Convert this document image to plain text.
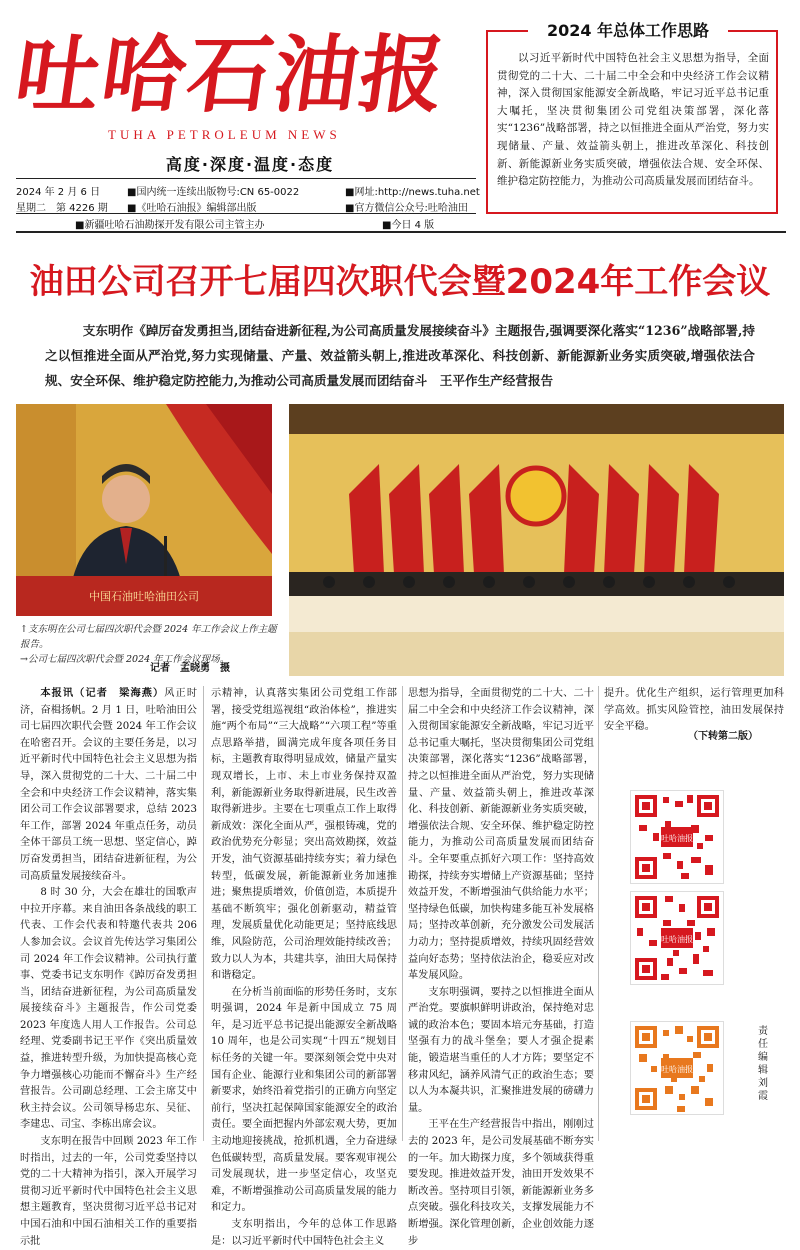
吐哈石油报
TUHA PETROLEUM NEWS
高度·深度·温度·态度
2024 年 2 月 6 日
星期二　第 4226 期
■国内统一连续出版物号:CN 65-0022
■《吐哈石油报》编辑部出版
■网址:http://news.tuha.net
■官方微信公众号:吐哈油田
■新疆吐哈石油勘探开发有限公司主管主办	■今日 4 版
2024 年总体工作思路
以习近平新时代中国特色社会主义思想为指导，全面贯彻党的二十大、二十届二中全会和中央经济工作会议精神，深入贯彻国家能源安全新战略，牢记习近平总书记重大嘱托，坚决贯彻集团公司党组决策部署，深化落实“1236”战略部署，持之以恒推进全面从严治党，努力实现储量、产量、效益箭头朝上，推进改革深化、科技创新、新能源新业务实质突破，增强依法合规、安全环保、维护稳定防控能力，为推动公司高质量发展而团结奋斗。
油田公司召开七届四次职代会暨2024年工作会议
支东明作《踔厉奋发勇担当,团结奋进新征程,为公司高质量发展接续奋斗》主题报告,强调要深化落实“1236”战略部署,持之以恒推进全面从严治党,努力实现储量、产量、效益箭头朝上,推进改革深化、科技创新、新能源新业务实质突破,增强依法合规、安全环保、维护稳定防控能力,为推动公司高质量发展而团结奋斗　王平作生产经营报告
中国石油吐哈油田公司
↑支东明在公司七届四次职代会暨 2024 年工作会议上作主题报告。
→公司七届四次职代会暨 2024 年工作会议现场。
记者　孟晓勇　摄

本报讯（记者　梁海燕）风正时济，奋楫扬帆。2 月 1 日，吐哈油田公司七届四次职代会暨 2024 年工作会议在哈密召开。会议的主要任务是，以习近平新时代中国特色社会主义思想为指导，深入贯彻党的二十大、二十届二中全会和中央经济工作会议精神，落实集团公司工作会议部署要求，总结 2023 年工作，部署 2024 年重点任务，动员全体干部员工统一思想、坚定信心，踔厉奋发勇担当，团结奋进新征程，为公司高质量发展接续奋斗。

8 时 30 分，大会在雄壮的国歌声中拉开序幕。来自油田各条战线的职工代表、工作会代表和特邀代表共 206 人参加会议。会议首先传达学习集团公司 2024 年工作会议精神。公司执行董事、党委书记支东明作《踔厉奋发勇担当，团结奋进新征程，为公司高质量发展接续奋斗》主题报告，作公司党委 2023 年度选人用人工作报告。公司总经理、党委副书记王平作《突出质量效益，推进转型升级，为加快提高核心竞争力增强核心功能而不懈奋斗》生产经营报告。公司副总经理、工会主席艾中秋主持会议。公司领导杨忠东、吴征、李建忠、司宝、李栋出席会议。

支东明在报告中回顾 2023 年工作时指出，过去的一年，公司党委坚持以党的二十大精神为指引，深入开展学习贯彻习近平新时代中国特色社会主义思想主题教育，坚决贯彻习近平总书记对中国石油和中国石油相关工作的重要指示批

示精神，认真落实集团公司党组工作部署，接受党组巡视组“政治体检”，推进实施“两个布局”“三大战略”“六项工程”等重点思路举措，圆满完成年度各项任务目标，主题教育取得明显成效，储量产量实现双增长，上市、未上市业务保持双盈利，新能源新业务取得新进展，民生改善取得新进步。主要在七项重点工作上取得新成效：深化全面从严，强根铸魂，党的政治优势充分彰显；突出高效勘探，效益开发，油气资源基础持续夯实；着力绿色转型，低碳发展，新能源新业务加速推进；聚焦提质增效，价值创造，本质提升基础不断筑牢；强化创新驱动，精益管理，发展质量优化动能更足；坚持底线思维，风险防范，公司治理效能持续改善；致力以人为本，共建共享，油田大局保持和谐稳定。

在分析当前面临的形势任务时，支东明强调，2024 年是新中国成立 75 周年，是习近平总书记提出能源安全新战略 10 周年，也是公司实现“十四五”规划目标任务的关键一年。要深刻领会党中央对国有企业、能源行业和集团公司的新部署新要求，始终沿着党指引的正确方向坚定前行，坚决扛起保障国家能源安全的政治责任。要全面把握内外部宏观大势，更加主动地迎接挑战，抢抓机遇，全力奋进绿色低碳转型，高质量发展。要客观审视公司发展现状，进一步坚定信心，攻坚克难，不断增强推动公司高质量发展的能力和定力。

支东明指出，今年的总体工作思路是：以习近平新时代中国特色社会主义

思想为指导，全面贯彻党的二十大、二十届二中全会和中央经济工作会议精神，深入贯彻国家能源安全新战略，牢记习近平总书记重大嘱托，坚决贯彻集团公司党组决策部署，深化落实“1236”战略部署，持之以恒推进全面从严治党，努力实现储量、产量、效益箭头朝上，推进改革深化、科技创新、新能源新业务实质突破，增强依法合规、安全环保、维护稳定防控能力，为推动公司高质量发展而团结奋斗。全年要重点抓好六项工作：坚持高效勘探，持续夯实增储上产资源基础；坚持效益开发，不断增强油气供给能力水平；坚持绿色低碳，加快构建多能互补发展格局；坚持改革创新，充分激发公司发展活力动力；坚持提质增效，持续巩固经营效益向好态势；坚持依法治企，稳妥应对改革发展风险。

支东明强调，要持之以恒推进全面从严治党。要旗帜鲜明讲政治，保持绝对忠诚的政治本色；要固本培元夯基础，打造坚强有力的战斗堡垒；要人才强企提素能，锻造堪当重任的人才方阵；要坚定不移肃风纪，涵养风清气正的政治生态；要以人为本凝共识，汇聚推进发展的磅礴力量。

王平在生产经营报告中指出，刚刚过去的 2023 年，是公司发展基础不断夯实的一年。加大勘探力度，多个领域获得重要发现。推进效益开发，油田开发效果不断改善。坚持项目引领，新能源新业务多点突破。强化科技攻关，支撑发展能力不断增强。深化管理创新，企业创效能力逐步

提升。优化生产组织，运行管理更加科学高效。抓实风险管控，油田发展保持安全平稳。

（下转第二版）
吐哈油报
吐哈油报
吐哈油报
责任编辑 刘霞
